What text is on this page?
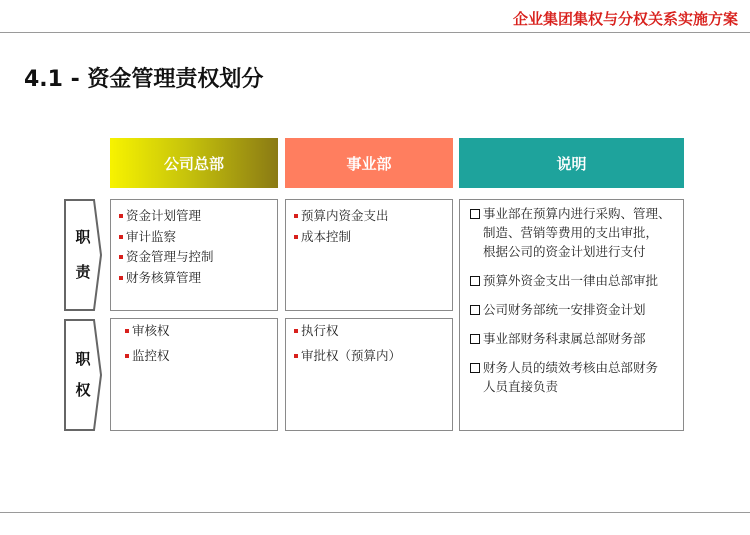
企业集团集权与分权关系实施方案
4.1 - 资金管理责权划分
公司总部	事业部	说明
职
责
职
权
资金计划管理
审计监察
资金管理与控制
财务核算管理
预算内资金支出
成本控制
审核权
监控权
执行权
审批权（预算内）
事业部在预算内进行采购、管理、
制造、营销等费用的支出审批，
根据公司的资金计划进行支付
预算外资金支出一律由总部审批
公司财务部统一安排资金计划
事业部财务科隶属总部财务部
财务人员的绩效考核由总部财务
人员直接负责
